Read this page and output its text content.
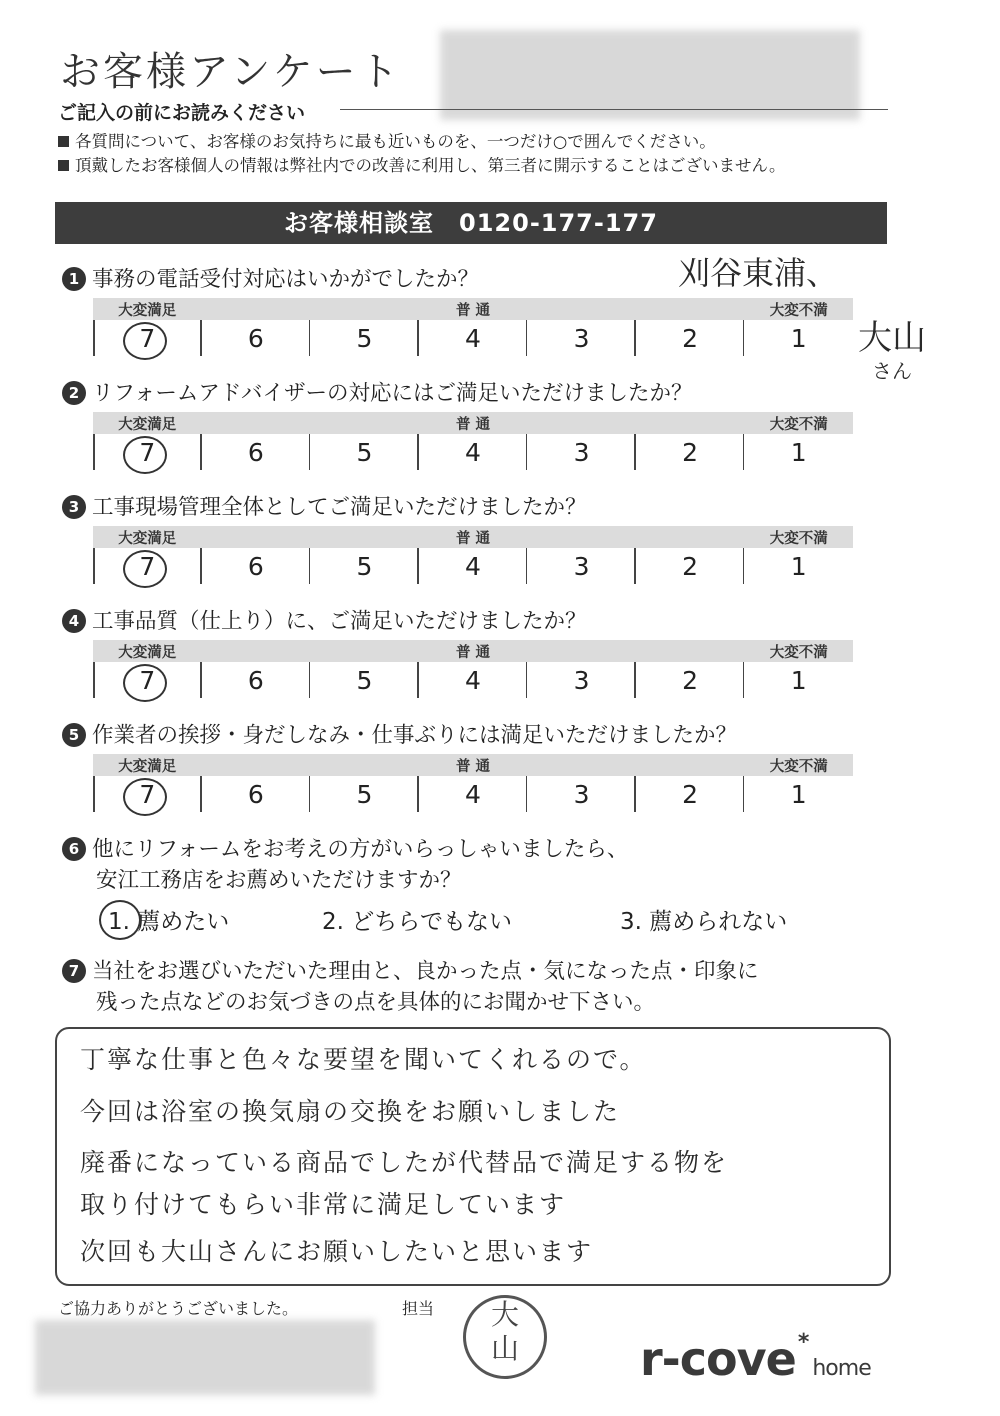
お客様アンケート
ご記入の前にお読みください
各質問について、お客様のお気持ちに最も近いものを、一つだけ○で囲んでください。
頂戴したお客様個人の情報は弊社内での改善に利用し、第三者に開示することはございません。
お客様相談室　0120-177-177
1 事務の電話受付対応はいかがでしたか？
大変満足
7	6	5
普 通
4	3	2
大変不満
1
2 リフォームアドバイザーの対応にはご満足いただけましたか？
大変満足
7	6	5
普 通
4	3	2
大変不満
1
3 工事現場管理全体としてご満足いただけましたか？
大変満足
7	6	5
普 通
4	3	2
大変不満
1
4 工事品質（仕上り）に、ご満足いただけましたか？
大変満足
7	6	5
普 通
4	3	2
大変不満
1
5 作業者の挨拶・身だしなみ・仕事ぶりには満足いただけましたか？
大変満足
7	6	5
普 通
4	3	2
大変不満
1
6 他にリフォームをお考えの方がいらっしゃいましたら、
安江工務店をお薦めいただけますか？
1. 薦めたい	2. どちらでもない	3. 薦められない
7 当社をお選びいただいた理由と、良かった点・気になった点・印象に
残った点などのお気づきの点を具体的にお聞かせ下さい。
丁寧な仕事と色々な要望を聞いてくれるので。
今回は浴室の換気扇の交換をお願いしました
廃番になっている商品でしたが代替品で満足する物を
取り付けてもらい非常に満足しています
次回も大山さんにお願いしたいと思います
刈谷東浦、
大山
さん
ご協力ありがとうございました。	担当	大
山	r-cove*home
